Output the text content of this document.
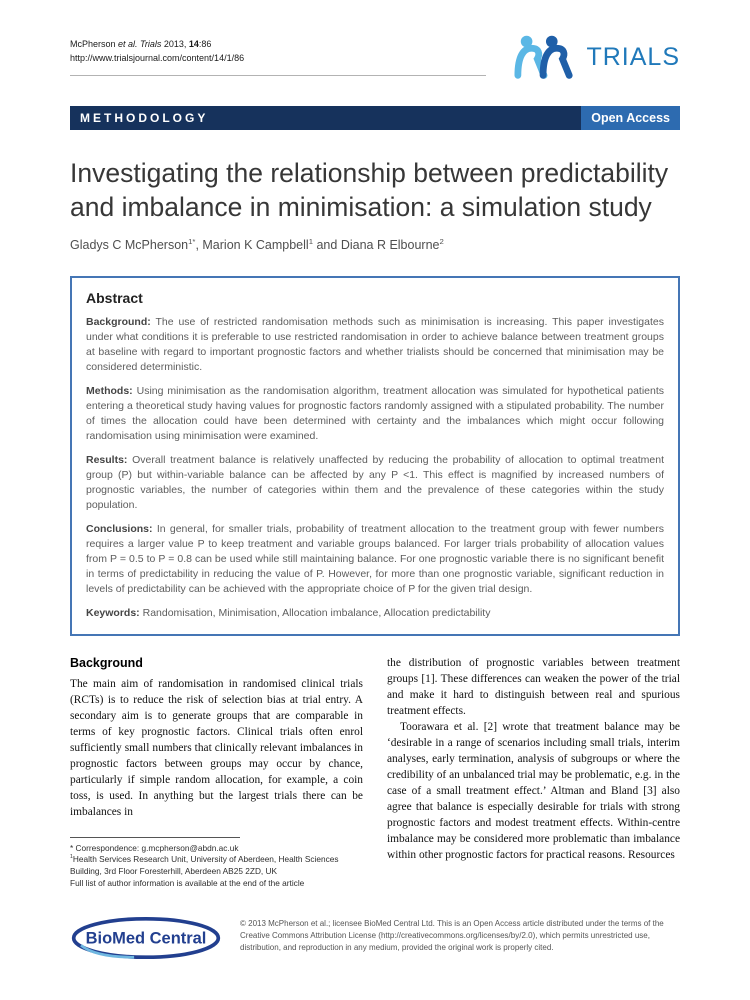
McPherson et al. Trials 2013, 14:86
http://www.trialsjournal.com/content/14/1/86	TRIALS
METHODOLOGY	Open Access
Investigating the relationship between predictability and imbalance in minimisation: a simulation study
Gladys C McPherson$^{1*}$, Marion K Campbell$^1$ and Diana R Elbourne$^2$
Abstract

Background: The use of restricted randomisation methods such as minimisation is increasing. This paper investigates under what conditions it is preferable to use restricted randomisation in order to achieve balance between treatment groups at baseline with regard to important prognostic factors and whether trialists should be concerned that minimisation may be considered deterministic.

Methods: Using minimisation as the randomisation algorithm, treatment allocation was simulated for hypothetical patients entering a theoretical study having values for prognostic factors randomly assigned with a stipulated probability. The number of times the allocation could have been determined with certainty and the imbalances which might occur following randomisation using minimisation were examined.

Results: Overall treatment balance is relatively unaffected by reducing the probability of allocation to optimal treatment group (P) but within-variable balance can be affected by any P <1. This effect is magnified by increased numbers of prognostic variables, the number of categories within them and the prevalence of these categories within the study population.

Conclusions: In general, for smaller trials, probability of treatment allocation to the treatment group with fewer numbers requires a larger value P to keep treatment and variable groups balanced. For larger trials probability of allocation values from P = 0.5 to P = 0.8 can be used while still maintaining balance. For one prognostic variable there is no significant benefit in terms of predictability in reducing the value of P. However, for more than one prognostic variable, significant reduction in levels of predictability can be achieved with the appropriate choice of P for the given trial design.

Keywords: Randomisation, Minimisation, Allocation imbalance, Allocation predictability

Background

The main aim of randomisation in randomised clinical trials (RCTs) is to reduce the risk of selection bias at trial entry. A secondary aim is to generate groups that are comparable in terms of key prognostic factors. Clinical trials often enrol sufficiently small numbers that clinically relevant imbalances in prognostic factors between groups may occur by chance, particularly if simple random allocation, for example, a coin toss, is used. In anything but the largest trials there can be imbalances in

* Correspondence: g.mcpherson@abdn.ac.uk

$^1$Health Services Research Unit, University of Aberdeen, Health Sciences Building, 3rd Floor Foresterhill, Aberdeen AB25 2ZD, UK

Full list of author information is available at the end of the article

the distribution of prognostic variables between treatment groups [1]. These differences can weaken the power of the trial and make it hard to distinguish between real and spurious treatment effects.

Toorawara et al. [2] wrote that treatment balance may be ‘desirable in a range of scenarios including small trials, interim analyses, early termination, analysis of subgroups or where the credibility of an unbalanced trial may be problematic, e.g. in the case of a small treatment effect.’ Altman and Bland [3] also agree that balance is especially desirable for trials with strong prognostic factors and modest treatment effects. Within-centre imbalance may be considered more problematic than imbalance within other prognostic factors for practical reasons. Resources

BioMed Central

© 2013 McPherson et al.; licensee BioMed Central Ltd. This is an Open Access article distributed under the terms of the Creative Commons Attribution License (http://creativecommons.org/licenses/by/2.0), which permits unrestricted use, distribution, and reproduction in any medium, provided the original work is properly cited.
